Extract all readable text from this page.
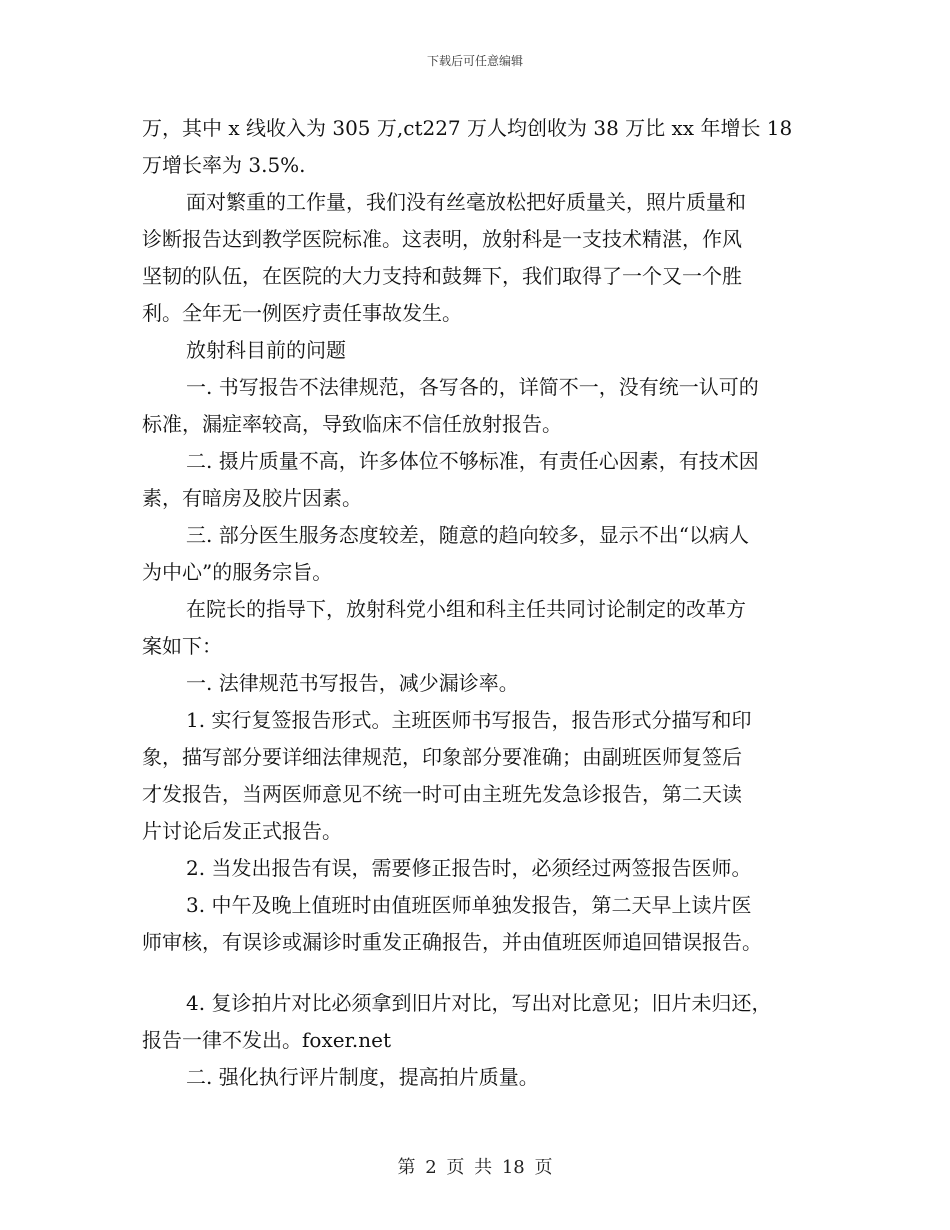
下载后可任意编辑
万，其中 x 线收入为 305 万,ct227 万人均创收为 38 万比 xx 年增长 18
万增长率为 3.5%.
面对繁重的工作量，我们没有丝毫放松把好质量关，照片质量和
诊断报告达到教学医院标准。这表明，放射科是一支技术精湛，作风
坚韧的队伍，在医院的大力支持和鼓舞下，我们取得了一个又一个胜
利。全年无一例医疗责任事故发生。
放射科目前的问题
一. 书写报告不法律规范，各写各的，详简不一，没有统一认可的
标准，漏症率较高，导致临床不信任放射报告。
二. 摄片质量不高，许多体位不够标准，有责任心因素，有技术因
素，有暗房及胶片因素。
三. 部分医生服务态度较差，随意的趋向较多，显示不出“以病人
为中心”的服务宗旨。
在院长的指导下，放射科党小组和科主任共同讨论制定的改革方
案如下：
一. 法律规范书写报告，减少漏诊率。
1. 实行复签报告形式。主班医师书写报告，报告形式分描写和印
象，描写部分要详细法律规范，印象部分要准确；由副班医师复签后
才发报告，当两医师意见不统一时可由主班先发急诊报告，第二天读
片讨论后发正式报告。
2. 当发出报告有误，需要修正报告时，必须经过两签报告医师。
3. 中午及晚上值班时由值班医师单独发报告，第二天早上读片医
师审核，有误诊或漏诊时重发正确报告，并由值班医师追回错误报告。
4. 复诊拍片对比必须拿到旧片对比，写出对比意见；旧片未归还，
报告一律不发出。foxer.net
二. 强化执行评片制度，提高拍片质量。
第 2 页 共 18 页
